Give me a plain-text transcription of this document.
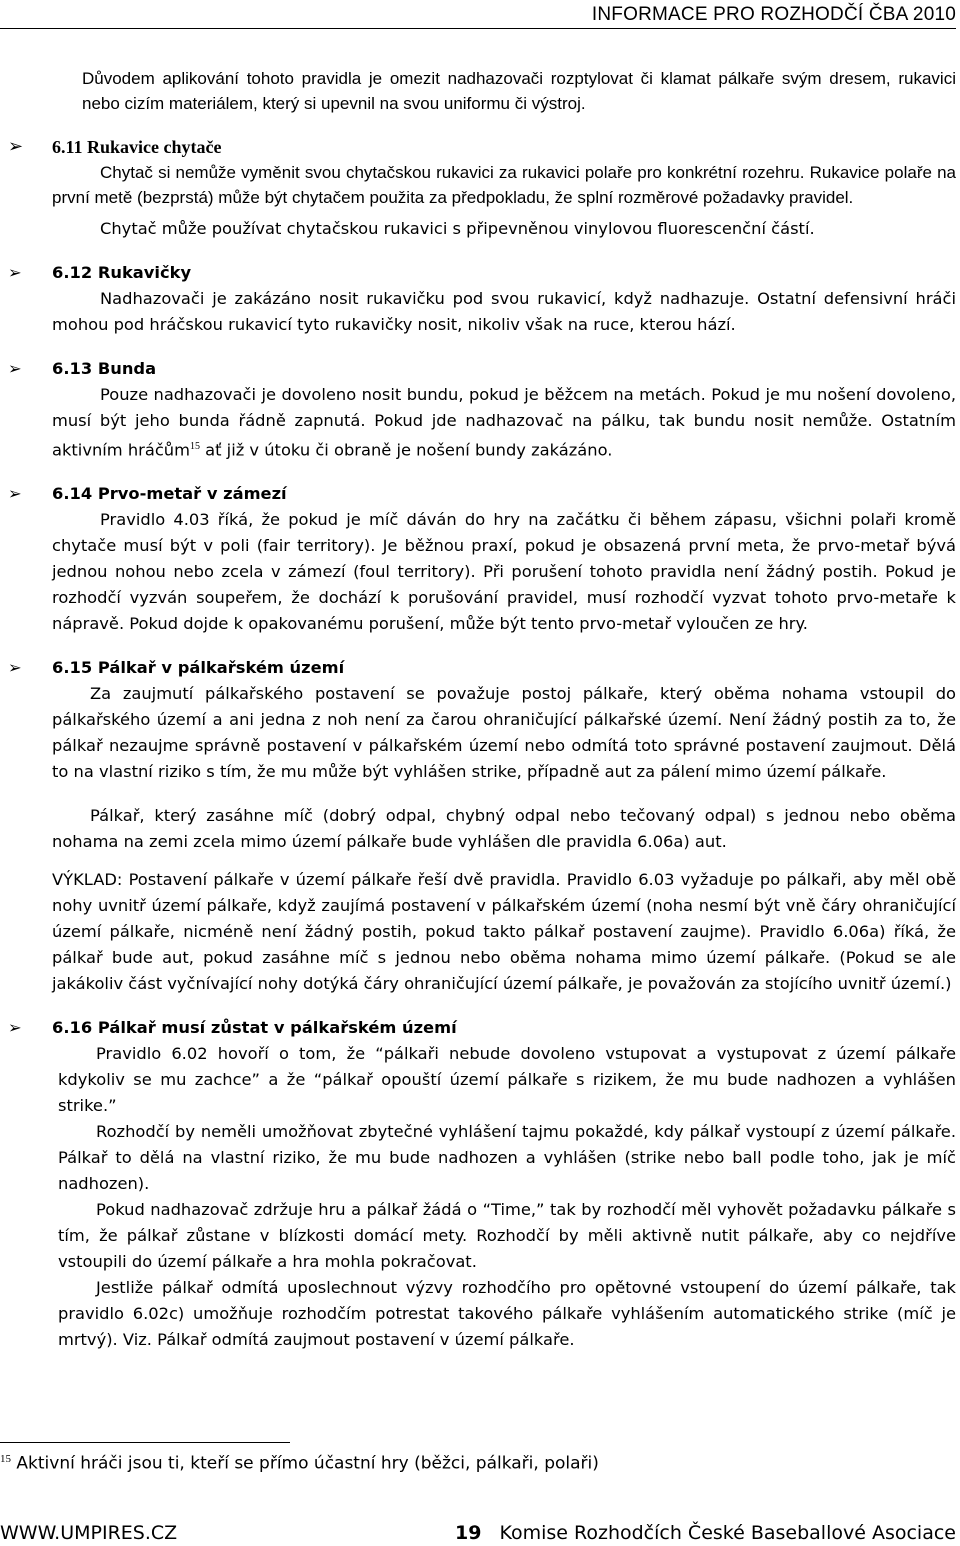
INFORMACE PRO ROZHODČÍ ČBA 2010

Důvodem aplikování tohoto pravidla je omezit nadhazovači rozptylovat či klamat pálkaře svým dresem, rukavici nebo cizím materiálem, který si upevnil na svou uniformu či výstroj.

➢ 6.11 Rukavice chytače

Chytač si nemůže vyměnit svou chytačskou rukavici za rukavici polaře pro konkrétní rozehru. Rukavice polaře na první metě (bezprstá) může být chytačem použita za předpokladu, že splní rozměrové požadavky pravidel.

Chytač může používat chytačskou rukavici s připevněnou vinylovou fluorescenční částí.

➢ 6.12 Rukavičky

Nadhazovači je zakázáno nosit rukavičku pod svou rukavicí, když nadhazuje. Ostatní defensivní hráči mohou pod hráčskou rukavicí tyto rukavičky nosit, nikoliv však na ruce, kterou hází.

➢ 6.13 Bunda

Pouze nadhazovači je dovoleno nosit bundu, pokud je běžcem na metách. Pokud je mu nošení dovoleno, musí být jeho bunda řádně zapnutá. Pokud jde nadhazovač na pálku, tak bundu nosit nemůže. Ostatním aktivním hráčům$^{15}$ ať již v útoku či obraně je nošení bundy zakázáno.

➢ 6.14 Prvo-metař v zámezí

Pravidlo 4.03 říká, že pokud je míč dáván do hry na začátku či během zápasu, všichni polaři kromě chytače musí být v poli (fair territory). Je běžnou praxí, pokud je obsazená první meta, že prvo-metař bývá jednou nohou nebo zcela v zámezí (foul territory). Při porušení tohoto pravidla není žádný postih. Pokud je rozhodčí vyzván soupeřem, že dochází k porušování pravidel, musí rozhodčí vyzvat tohoto prvo-metaře k nápravě. Pokud dojde k opakovanému porušení, může být tento prvo-metař vyloučen ze hry.

➢ 6.15 Pálkař v pálkařském území

Za zaujmutí pálkařského postavení se považuje postoj pálkaře, který oběma nohama vstoupil do pálkařského území a ani jedna z noh není za čarou ohraničující pálkařské území. Není žádný postih za to, že pálkař nezaujme správně postavení v pálkařském území nebo odmítá toto správné postavení zaujmout. Dělá to na vlastní riziko s tím, že mu může být vyhlášen strike, případně aut za pálení mimo území pálkaře.

Pálkař, který zasáhne míč (dobrý odpal, chybný odpal nebo tečovaný odpal) s jednou nebo oběma nohama na zemi zcela mimo území pálkaře bude vyhlášen dle pravidla 6.06a) aut.

VÝKLAD: Postavení pálkaře v území pálkaře řeší dvě pravidla. Pravidlo 6.03 vyžaduje po pálkaři, aby měl obě nohy uvnitř území pálkaře, když zaujímá postavení v pálkařském území (noha nesmí být vně čáry ohraničující území pálkaře, nicméně není žádný postih, pokud takto pálkař postavení zaujme). Pravidlo 6.06a) říká, že pálkař bude aut, pokud zasáhne míč s jednou nebo oběma nohama mimo území pálkaře. (Pokud se ale jakákoliv část vyčnívající nohy dotýká čáry ohraničující území pálkaře, je považován za stojícího uvnitř území.)

➢ 6.16 Pálkař musí zůstat v pálkařském území

Pravidlo 6.02 hovoří o tom, že “pálkaři nebude dovoleno vstupovat a vystupovat z území pálkaře kdykoliv se mu zachce” a že “pálkař opouští území pálkaře s rizikem, že mu bude nadhozen a vyhlášen strike.”

Rozhodčí by neměli umožňovat zbytečné vyhlášení tajmu pokaždé, kdy pálkař vystoupí z území pálkaře. Pálkař to dělá na vlastní riziko, že mu bude nadhozen a vyhlášen (strike nebo ball podle toho, jak je míč nadhozen).

Pokud nadhazovač zdržuje hru a pálkař žádá o “Time,” tak by rozhodčí měl vyhovět požadavku pálkaře s tím, že pálkař zůstane v blízkosti domácí mety. Rozhodčí by měli aktivně nutit pálkaře, aby co nejdříve vstoupili do území pálkaře a hra mohla pokračovat.

Jestliže pálkař odmítá uposlechnout výzvy rozhodčího pro opětovné vstoupení do území pálkaře, tak pravidlo 6.02c) umožňuje rozhodčím potrestat takového pálkaře vyhlášením automatického strike (míč je mrtvý). Viz. Pálkař odmítá zaujmout postavení v území pálkaře.

$^{15}$ Aktivní hráči jsou ti, kteří se přímo účastní hry (běžci, pálkaři, polaři)
WWW.UMPIRES.CZ	19 Komise Rozhodčích České Baseballové Asociace
